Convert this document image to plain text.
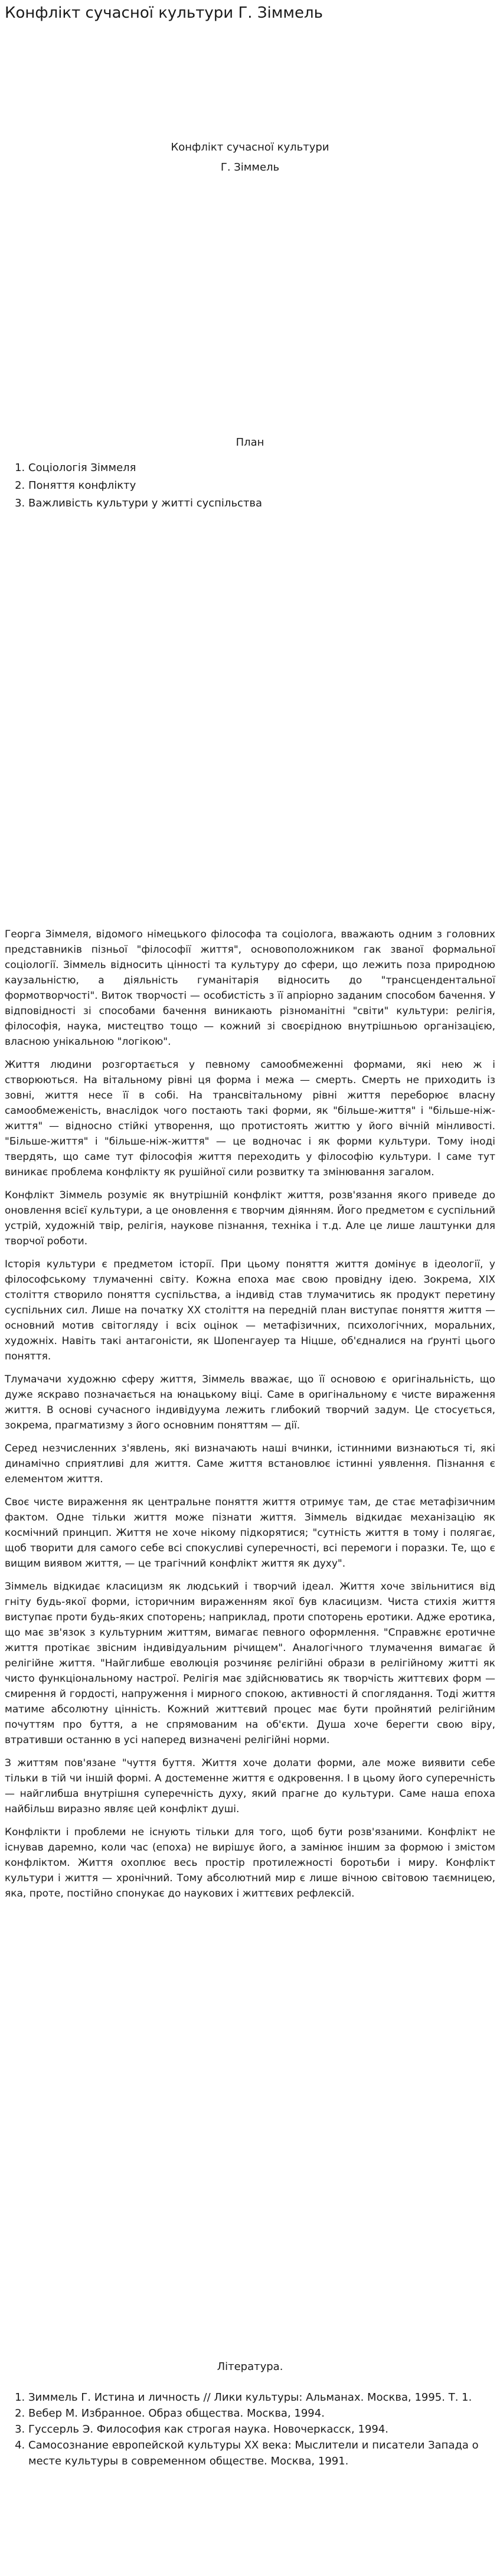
Конфлікт сучасної культури Г. Зіммель

Конфлікт сучасної культури

Г. Зіммель

План

1. Соціологія Зіммеля
2. Поняття конфлікту
3. Важливість культури у житті суспільства

Георга Зіммеля, відомого німецького філософа та соціолога, вважають одним з головних представників пізньої "філософії життя", основоположником гак званої формальної соціології. Зіммель відносить цінності та культуру до сфери, що лежить поза природною каузальністю, а діяльність гуманітарія відносить до "трансцендентальної формотворчості". Виток творчості — особистість з її апріорно заданим способом бачення. У відповідності зі способами бачення виникають різноманітні "світи" культури: релігія, філософія, наука, мистецтво тощо — кожний зі своєрідною внутрішньою організацією, власною унікальною "логікою".

Життя людини розгортається у певному самообмеженні формами, які нею ж і створюються. На вітальному рівні ця форма і межа — смерть. Смерть не приходить із зовні, життя несе її в собі. На трансвітальному рівні життя переборює власну самообмеженість, внаслідок чого постають такі форми, як "більше-життя" і "більше-ніж-життя" — відносно стійкі утворення, що протистоять життю у його вічній мінливості. "Більше-життя" і "більше-ніж-життя" — це водночас і як форми культури. Тому іноді твердять, що саме тут філософія життя переходить у філософію культури. І саме тут виникає проблема конфлікту як рушійної сили розвитку та змінювання загалом.

Конфлікт Зіммель розуміє як внутрішній конфлікт життя, розв'язання якого приведе до оновлення всієї культури, а це оновлення є творчим діянням. Його предметом є суспільний устрій, художній твір, релігія, наукове пізнання, техніка і т.д. Але це лише лаштунки для творчої роботи.

Історія культури є предметом історії. При цьому поняття життя домінує в ідеології, у філософському тлумаченні світу. Кожна епоха має свою провідну ідею. Зокрема, XIX століття створило поняття суспільства, а індивід став тлумачитись як продукт перетину суспільних сил. Лише на початку XX століття на передній план виступає поняття життя — основний мотив світогляду і всіх оцінок — метафізичних, психологічних, моральних, художніх. Навіть такі антагоністи, як Шопенгауер та Ніцше, об'єдналися на ґрунті цього поняття.

Тлумачачи художню сферу життя, Зіммель вважає, що її основою є оригінальність, що дуже яскраво позначається на юнацькому віці. Саме в оригінальному є чисте вираження життя. В основі сучасного індивідуума лежить глибокий творчий задум. Це стосується, зокрема, прагматизму з його основним поняттям — дії.

Серед незчисленних з'явлень, які визначають наші вчинки, істинними визнаються ті, які динамічно сприятливі для життя. Саме життя встановлює істинні уявлення. Пізнання є елементом життя.

Своє чисте вираження як центральне поняття життя отримує там, де стає метафізичним фактом. Одне тільки життя може пізнати життя. Зіммель відкидає механізацію як космічний принцип. Життя не хоче нікому підкорятися; "сутність життя в тому і полягає, щоб творити для самого себе всі спокусливі суперечності, всі перемоги і поразки. Те, що є вищим виявом життя, — це трагічний конфлікт життя як духу".

Зіммель відкидає класицизм як людський і творчий ідеал. Життя хоче звільнитися від гніту будь-якої форми, історичним вираженням якої був класицизм. Чиста стихія життя виступає проти будь-яких споторень; наприклад, проти споторень еротики. Адже еротика, що має зв'язок з культурним життям, вимагає певного оформлення. "Справжнє еротичне життя протікає звісним індивідуальним річищем". Аналогічного тлумачення вимагає й релігійне життя. "Найглибше еволюція розчиняє релігійні образи в релігійному житті як чисто функціональному настрої. Релігія має здійснюватись як творчість життєвих форм — смирення й гордості, напруження і мирного спокою, активності й споглядання. Тоді життя матиме абсолютну цінність. Кожний життєвий процес має бути пройнятий релігійним почуттям про буття, а не спрямованим на об'єкти. Душа хоче берегти свою віру, втративши останню в усі наперед визначені релігійні норми.

З життям пов'язане "чуття буття. Життя хоче долати форми, але може виявити себе тільки в тій чи іншій формі. А достеменне життя є одкровення. І в цьому його суперечність — найглибша внутрішня суперечність духу, який прагне до культури. Саме наша епоха найбільш виразно являє цей конфлікт душі.

Конфлікти і проблеми не існують тільки для того, щоб бути розв'язаними. Конфлікт не існував даремно, коли час (епоха) не вирішує його, а замінює іншим за формою і змістом конфліктом. Життя охоплює весь простір протилежності боротьби і миру. Конфлікт культури і життя — хронічний. Тому абсолютний мир є лише вічною світовою таємницею, яка, проте, постійно спонукає до наукових і життєвих рефлексій.

Література.

1. Зиммель Г. Истина и личность // Лики культуры: Альманах. Москва, 1995. Т. 1.
2. Вебер М. Избранное. Образ общества. Москва, 1994.
3. Гуссерль Э. Философия как строгая наука. Новочеркасск, 1994.
4. Самосознание европейской культуры XX века: Мыслители и писатели Запада о месте культуры в современном обществе. Москва, 1991.
